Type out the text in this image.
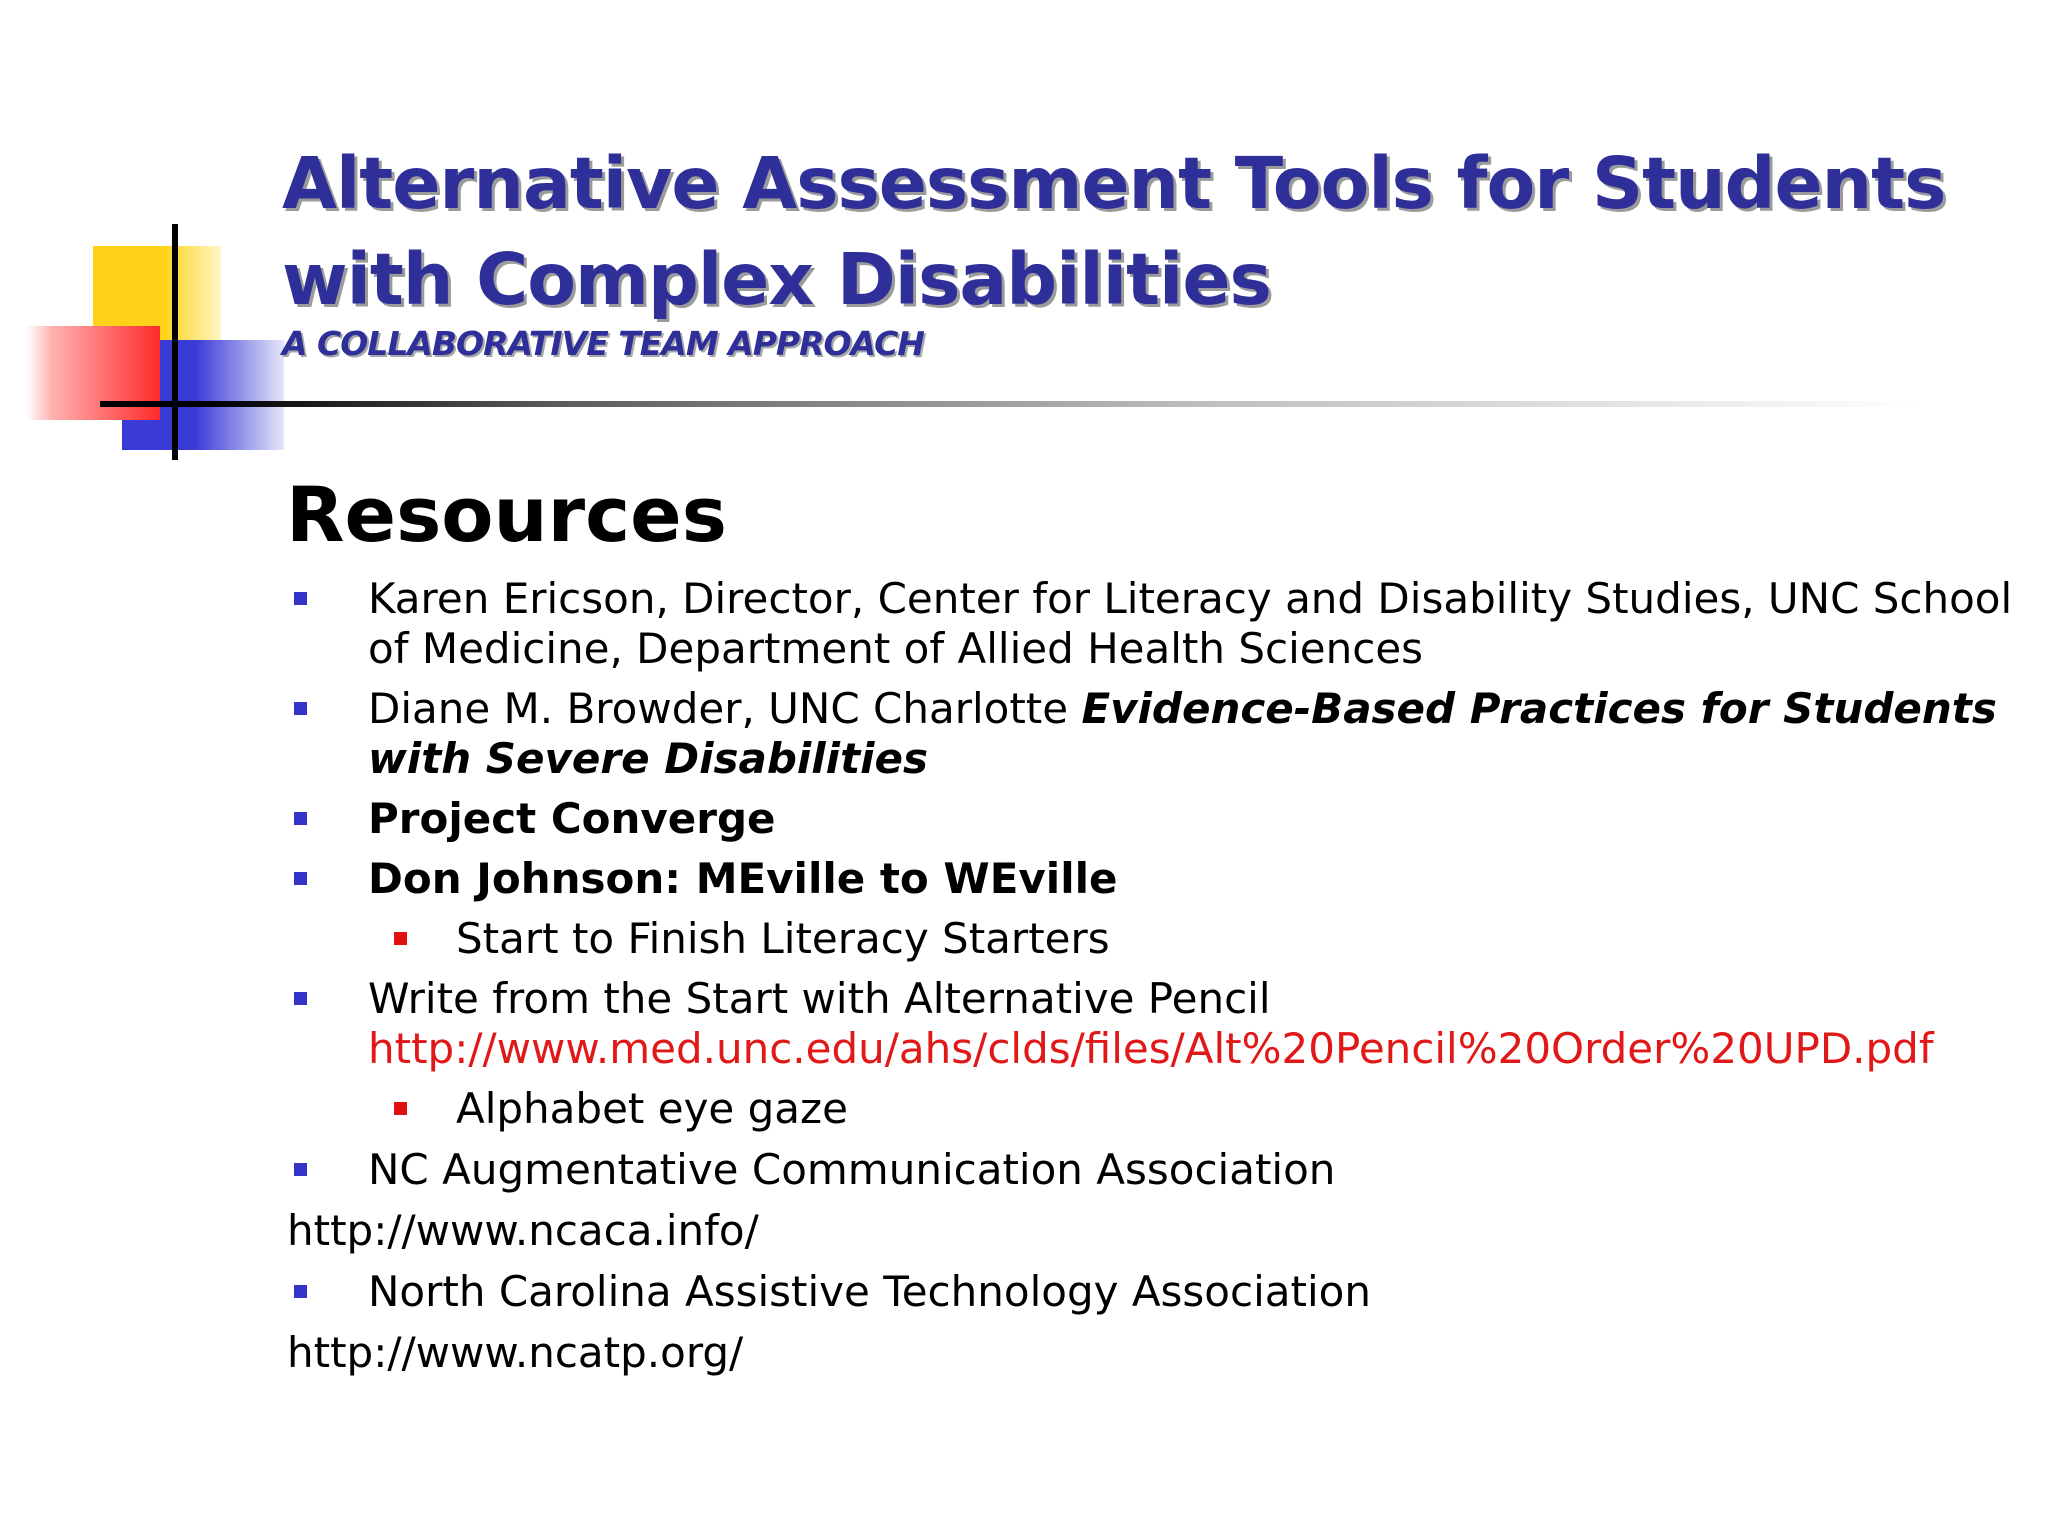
Alternative Assessment Tools for Students
with Complex Disabilities
A COLLABORATIVE TEAM APPROACH
Resources
Karen Ericson, Director, Center for Literacy and Disability Studies, UNC School
of Medicine, Department of Allied Health Sciences
Diane M. Browder, UNC Charlotte Evidence-Based Practices for Students
with Severe Disabilities
Project Converge
Don Johnson: MEville to WEville
Start to Finish Literacy Starters
Write from the Start with Alternative Pencil
http://www.med.unc.edu/ahs/clds/files/Alt%20Pencil%20Order%20UPD.pdf
Alphabet eye gaze
NC Augmentative Communication Association
http://www.ncaca.info/
North Carolina Assistive Technology Association
http://www.ncatp.org/
